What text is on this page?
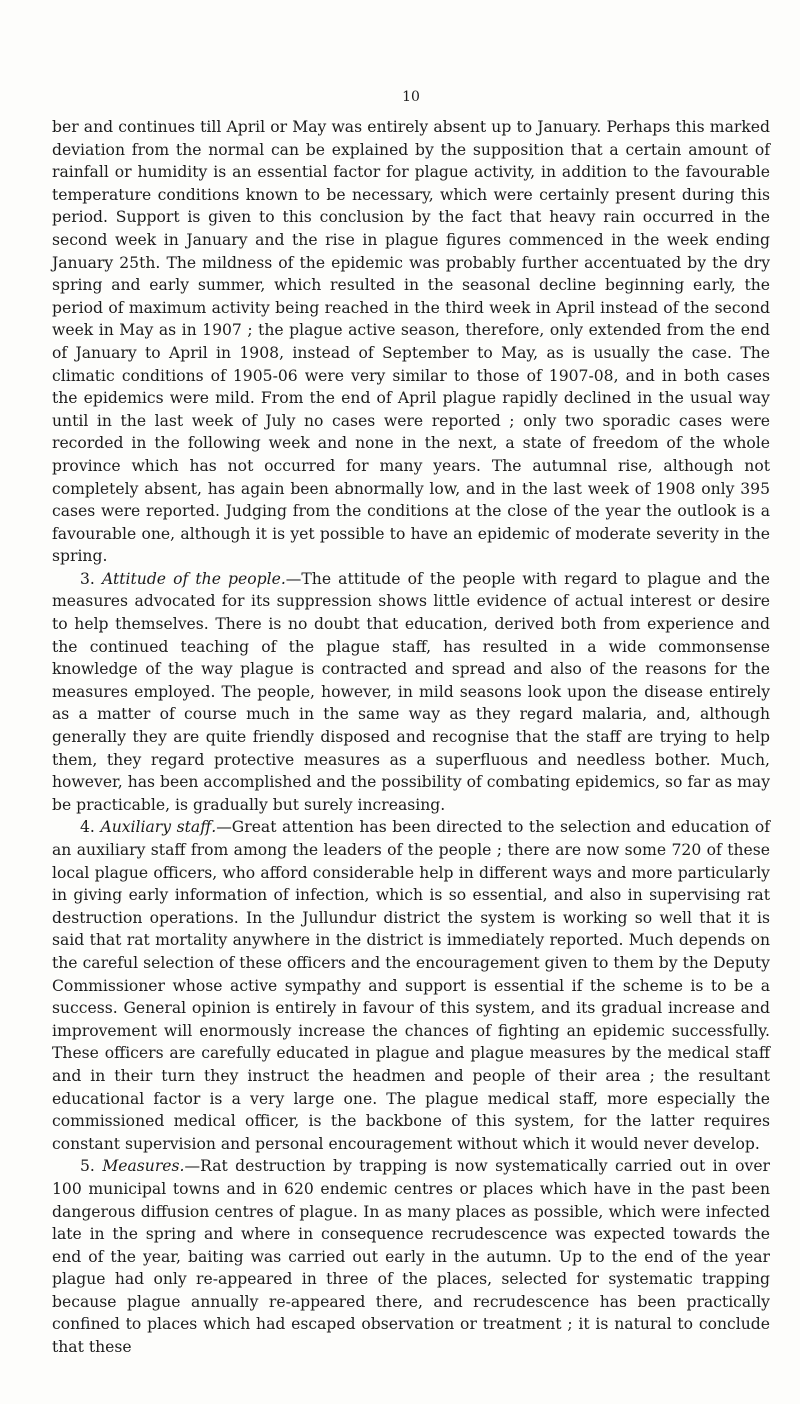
10

ber and continues till April or May was entirely absent up to January. Perhaps this marked deviation from the normal can be explained by the supposition that a certain amount of rainfall or humidity is an essential factor for plague activity, in addition to the favourable temperature conditions known to be necessary, which were certainly present during this period. Support is given to this conclusion by the fact that heavy rain occurred in the second week in January and the rise in plague figures commenced in the week ending January 25th. The mildness of the epidemic was probably further accentuated by the dry spring and early summer, which resulted in the seasonal decline beginning early, the period of maximum activity being reached in the third week in April instead of the second week in May as in 1907 ; the plague active season, therefore, only extended from the end of January to April in 1908, instead of September to May, as is usually the case. The climatic conditions of 1905-06 were very similar to those of 1907-08, and in both cases the epidemics were mild. From the end of April plague rapidly declined in the usual way until in the last week of July no cases were reported ; only two sporadic cases were recorded in the following week and none in the next, a state of freedom of the whole province which has not occurred for many years. The autumnal rise, although not completely absent, has again been abnormally low, and in the last week of 1908 only 395 cases were reported. Judging from the conditions at the close of the year the outlook is a favourable one, although it is yet possible to have an epidemic of moderate severity in the spring.

3. Attitude of the people.—The attitude of the people with regard to plague and the measures advocated for its suppression shows little evidence of actual interest or desire to help themselves. There is no doubt that education, derived both from experience and the continued teaching of the plague staff, has resulted in a wide commonsense knowledge of the way plague is contracted and spread and also of the reasons for the measures employed. The people, however, in mild seasons look upon the disease entirely as a matter of course much in the same way as they regard malaria, and, although generally they are quite friendly disposed and recognise that the staff are trying to help them, they regard protective measures as a superfluous and needless bother. Much, however, has been accomplished and the possibility of combating epidemics, so far as may be practicable, is gradually but surely increasing.

4. Auxiliary staff.—Great attention has been directed to the selection and education of an auxiliary staff from among the leaders of the people ; there are now some 720 of these local plague officers, who afford considerable help in different ways and more particularly in giving early information of infection, which is so essential, and also in supervising rat destruction operations. In the Jullundur district the system is working so well that it is said that rat mortality anywhere in the district is immediately reported. Much depends on the careful selection of these officers and the encouragement given to them by the Deputy Commissioner whose active sympathy and support is essential if the scheme is to be a success. General opinion is entirely in favour of this system, and its gradual increase and improvement will enormously increase the chances of fighting an epidemic successfully. These officers are carefully educated in plague and plague measures by the medical staff and in their turn they instruct the headmen and people of their area ; the resultant educational factor is a very large one. The plague medical staff, more especially the commissioned medical officer, is the backbone of this system, for the latter requires constant supervision and personal encouragement without which it would never develop.

5. Measures.—Rat destruction by trapping is now systematically carried out in over 100 municipal towns and in 620 endemic centres or places which have in the past been dangerous diffusion centres of plague. In as many places as possible, which were infected late in the spring and where in consequence recrudescence was expected towards the end of the year, baiting was carried out early in the autumn. Up to the end of the year plague had only re-appeared in three of the places, selected for systematic trapping because plague annually re-appeared there, and recrudescence has been practically confined to places which had escaped observation or treatment ; it is natural to conclude that these
